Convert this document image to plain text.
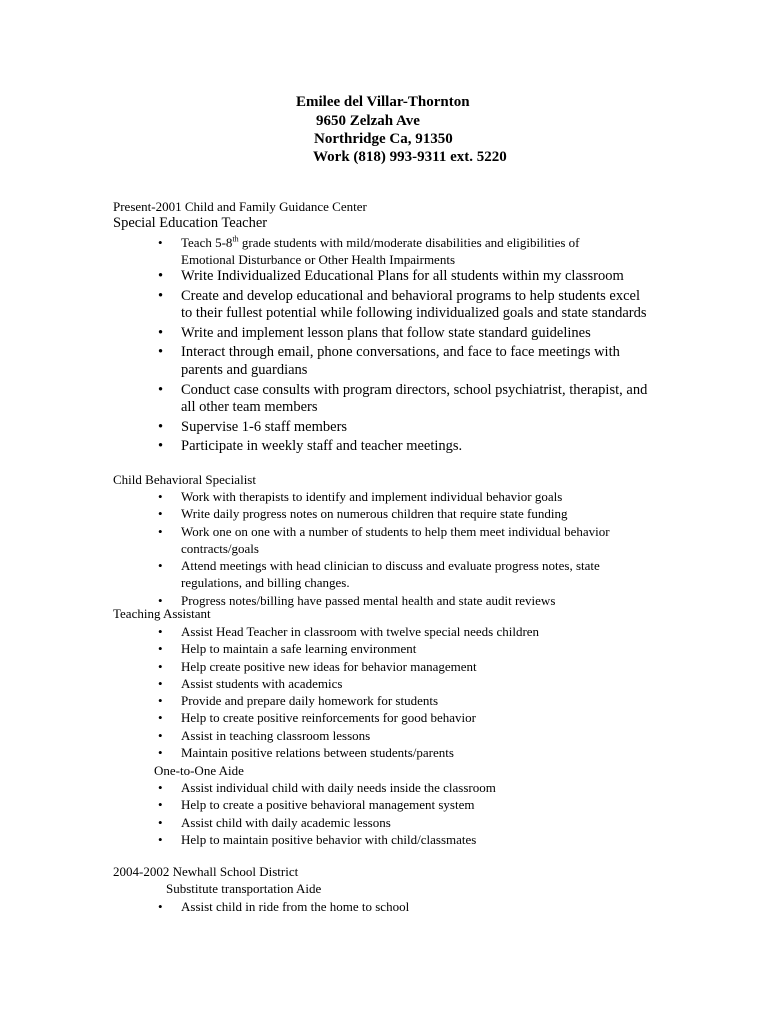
Emilee del Villar-Thornton
9650 Zelzah Ave
Northridge Ca, 91350
Work (818) 993-9311 ext. 5220
Present-2001 Child and Family Guidance Center
Special Education Teacher
• Teach 5-8th grade students with mild/moderate disabilities and eligibilities of Emotional Disturbance or Other Health Impairments
• Write Individualized Educational Plans for all students within my classroom
• Create and develop educational and behavioral programs to help students excel to their fullest potential while following individualized goals and state standards
• Write and implement lesson plans that follow state standard guidelines
• Interact through email, phone conversations, and face to face meetings with parents and guardians
• Conduct case consults with program directors, school psychiatrist, therapist, and all other team members
• Supervise 1-6 staff members
• Participate in weekly staff and teacher meetings.
Child Behavioral Specialist
• Work with therapists to identify and implement individual behavior goals
• Write daily progress notes on numerous children that require state funding
• Work one on one with a number of students to help them meet individual behavior contracts/goals
• Attend meetings with head clinician to discuss and evaluate progress notes, state regulations, and billing changes.
• Progress notes/billing have passed mental health and state audit reviews
Teaching Assistant
• Assist Head Teacher in classroom with twelve special needs children
• Help to maintain a safe learning environment
• Help create positive new ideas for behavior management
• Assist students with academics
• Provide and prepare daily homework for students
• Help to create positive reinforcements for good behavior
• Assist in teaching classroom lessons
• Maintain positive relations between students/parents
One-to-One Aide
• Assist individual child with daily needs inside the classroom
• Help to create a positive behavioral management system
• Assist child with daily academic lessons
• Help to maintain positive behavior with child/classmates
2004-2002 Newhall School District
Substitute transportation Aide
• Assist child in ride from the home to school
